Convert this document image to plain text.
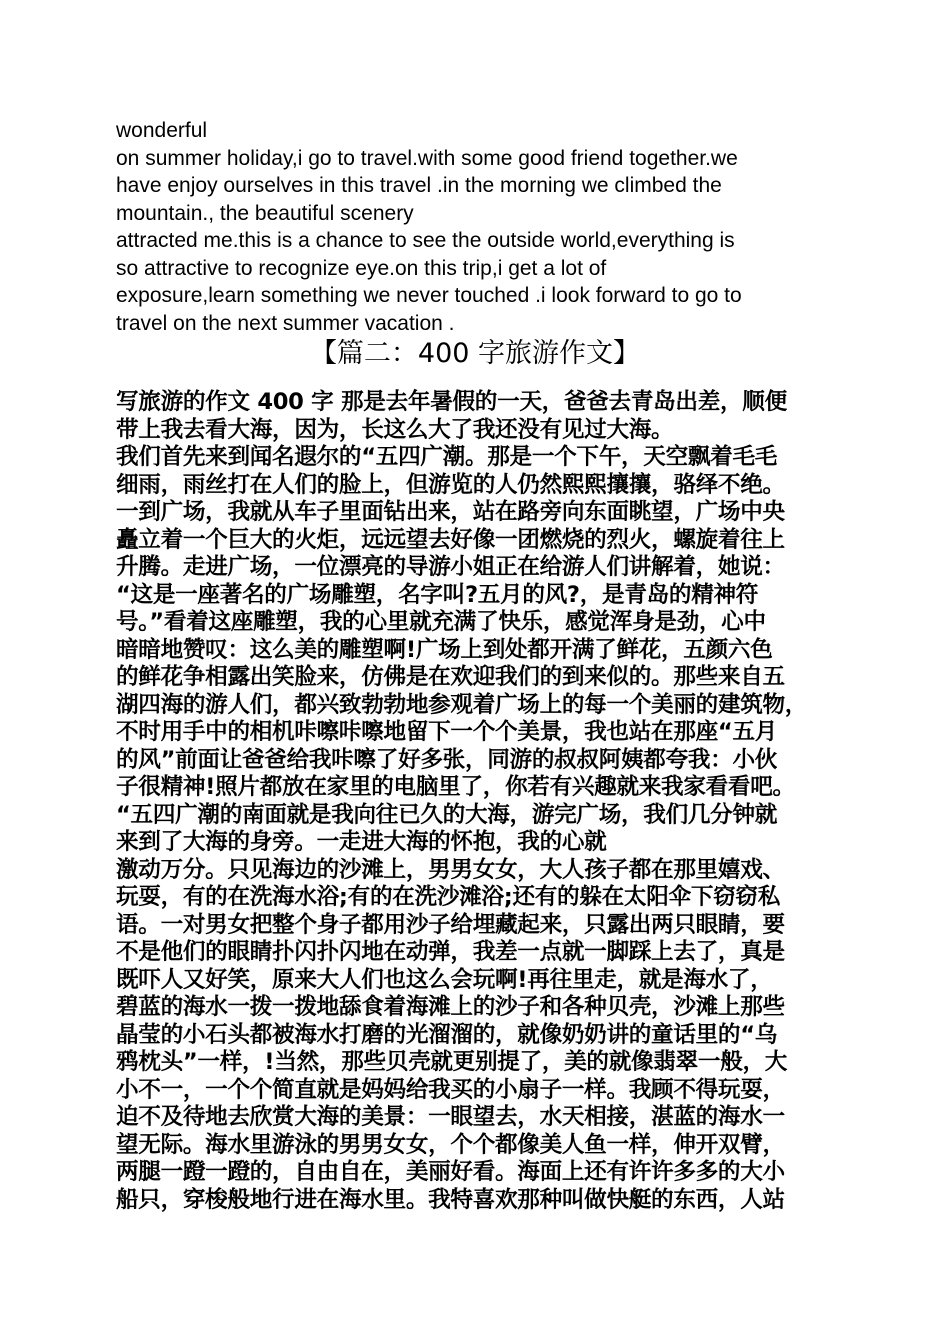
wonderful
on summer holiday,i go to travel.with some good friend together.we
have enjoy ourselves in this travel .in the morning we climbed the
mountain., the beautiful scenery
attracted me.this is a chance to see the outside world,everything is
so attractive to recognize eye.on this trip,i get a lot of
exposure,learn something we never touched .i look forward to go to
travel on the next summer vacation .
【篇二：400 字旅游作文】
写旅游的作文 400 字 那是去年暑假的一天，爸爸去青岛出差，顺便
带上我去看大海，因为，长这么大了我还没有见过大海。
我们首先来到闻名遐尔的“五四广潮。那是一个下午，天空飘着毛毛
细雨，雨丝打在人们的脸上，但游览的人仍然熙熙攘攘，骆绎不绝。
一到广场，我就从车子里面钻出来，站在路旁向东面眺望，广场中央
矗立着一个巨大的火炬，远远望去好像一团燃烧的烈火，螺旋着往上
升腾。走进广场，一位漂亮的导游小姐正在给游人们讲解着，她说：
“这是一座著名的广场雕塑，名字叫?五月的风?，是青岛的精神符
号。”看着这座雕塑，我的心里就充满了快乐，感觉浑身是劲，心中
暗暗地赞叹：这么美的雕塑啊!广场上到处都开满了鲜花，五颜六色
的鲜花争相露出笑脸来，仿佛是在欢迎我们的到来似的。那些来自五
湖四海的游人们，都兴致勃勃地参观着广场上的每一个美丽的建筑物，
不时用手中的相机咔嚓咔嚓地留下一个个美景，我也站在那座“五月
的风”前面让爸爸给我咔嚓了好多张，同游的叔叔阿姨都夸我：小伙
子很精神!照片都放在家里的电脑里了，你若有兴趣就来我家看看吧。
“五四广潮的南面就是我向往已久的大海，游完广场，我们几分钟就
来到了大海的身旁。一走进大海的怀抱，我的心就
激动万分。只见海边的沙滩上，男男女女，大人孩子都在那里嬉戏、
玩耍，有的在洗海水浴;有的在洗沙滩浴;还有的躲在太阳伞下窃窃私
语。一对男女把整个身子都用沙子给埋藏起来，只露出两只眼睛，要
不是他们的眼睛扑闪扑闪地在动弹，我差一点就一脚踩上去了，真是
既吓人又好笑，原来大人们也这么会玩啊!再往里走，就是海水了，
碧蓝的海水一拨一拨地舔食着海滩上的沙子和各种贝壳，沙滩上那些
晶莹的小石头都被海水打磨的光溜溜的，就像奶奶讲的童话里的“乌
鸦枕头”一样，!当然，那些贝壳就更别提了，美的就像翡翠一般，大
小不一，一个个简直就是妈妈给我买的小扇子一样。我顾不得玩耍，
迫不及待地去欣赏大海的美景：一眼望去，水天相接，湛蓝的海水一
望无际。海水里游泳的男男女女，个个都像美人鱼一样，伸开双臂，
两腿一蹬一蹬的，自由自在，美丽好看。海面上还有许许多多的大小
船只，穿梭般地行进在海水里。我特喜欢那种叫做快艇的东西，人站
